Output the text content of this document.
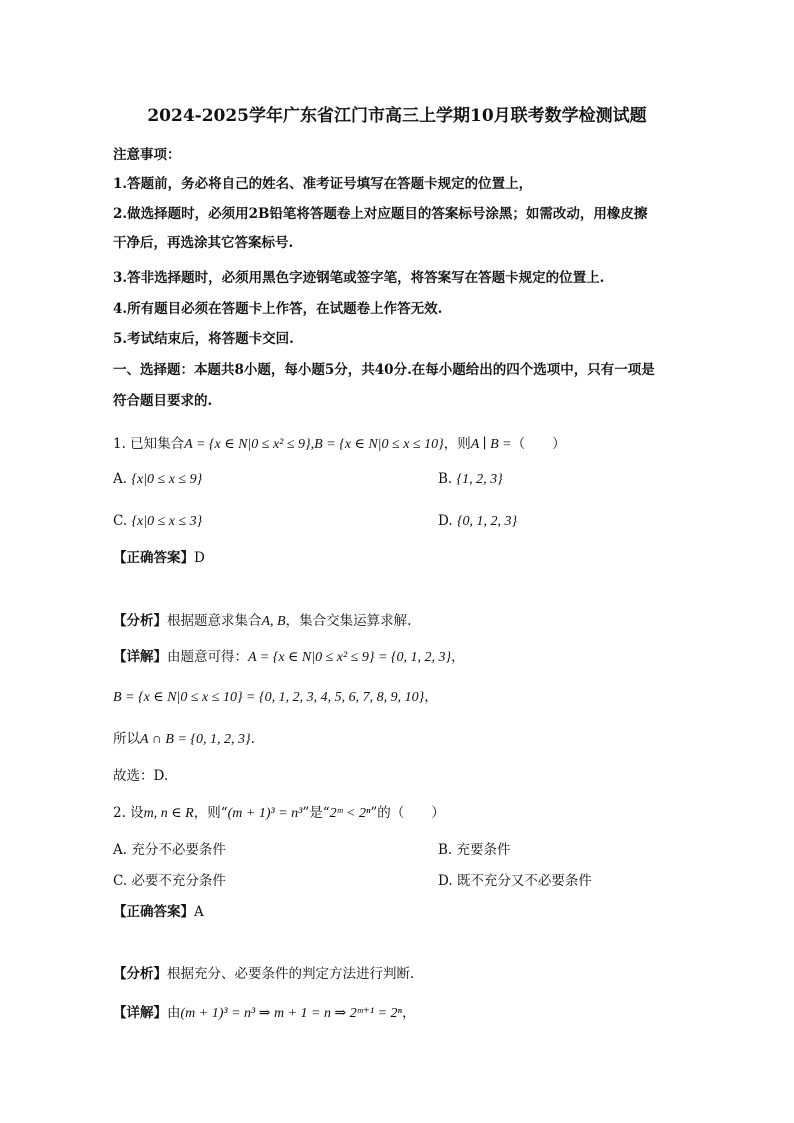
2024-2025学年广东省江门市高三上学期10月联考数学检测试题
注意事项：
1.答题前，务必将自己的姓名、准考证号填写在答题卡规定的位置上，
2.做选择题时，必须用2B铅笔将答题卷上对应题目的答案标号涂黑；如需改动，用橡皮擦
干净后，再选涂其它答案标号.
3.答非选择题时，必须用黑色字迹钢笔或签字笔，将答案写在答题卡规定的位置上.
4.所有题目必须在答题卡上作答，在试题卷上作答无效.
5.考试结束后，将答题卡交回.
一、选择题：本题共8小题，每小题5分，共40分.在每小题给出的四个选项中，只有一项是
符合题目要求的.
1. 已知集合A = {x ∈ N|0 ≤ x² ≤ 9},B = {x ∈ N|0 ≤ x ≤ 10}，则A ∣ B =（　　）
A. {x|0 ≤ x ≤ 9}	B. {1, 2, 3}
C. {x|0 ≤ x ≤ 3}	D. {0, 1, 2, 3}
【正确答案】D
【分析】根据题意求集合A, B，集合交集运算求解.
【详解】由题意可得：A = {x ∈ N|0 ≤ x² ≤ 9} = {0, 1, 2, 3}，
B = {x ∈ N|0 ≤ x ≤ 10} = {0, 1, 2, 3, 4, 5, 6, 7, 8, 9, 10}，
所以A ∩ B = {0, 1, 2, 3}.
故选：D.
2. 设m, n ∈ R，则“(m + 1)³ = n³”是“2ᵐ < 2ⁿ”的（　　）
A. 充分不必要条件	B. 充要条件
C. 必要不充分条件	D. 既不充分又不必要条件
【正确答案】A
【分析】根据充分、必要条件的判定方法进行判断.
【详解】由(m + 1)³ = n³ ⇒ m + 1 = n ⇒ 2ᵐ⁺¹ = 2ⁿ，
